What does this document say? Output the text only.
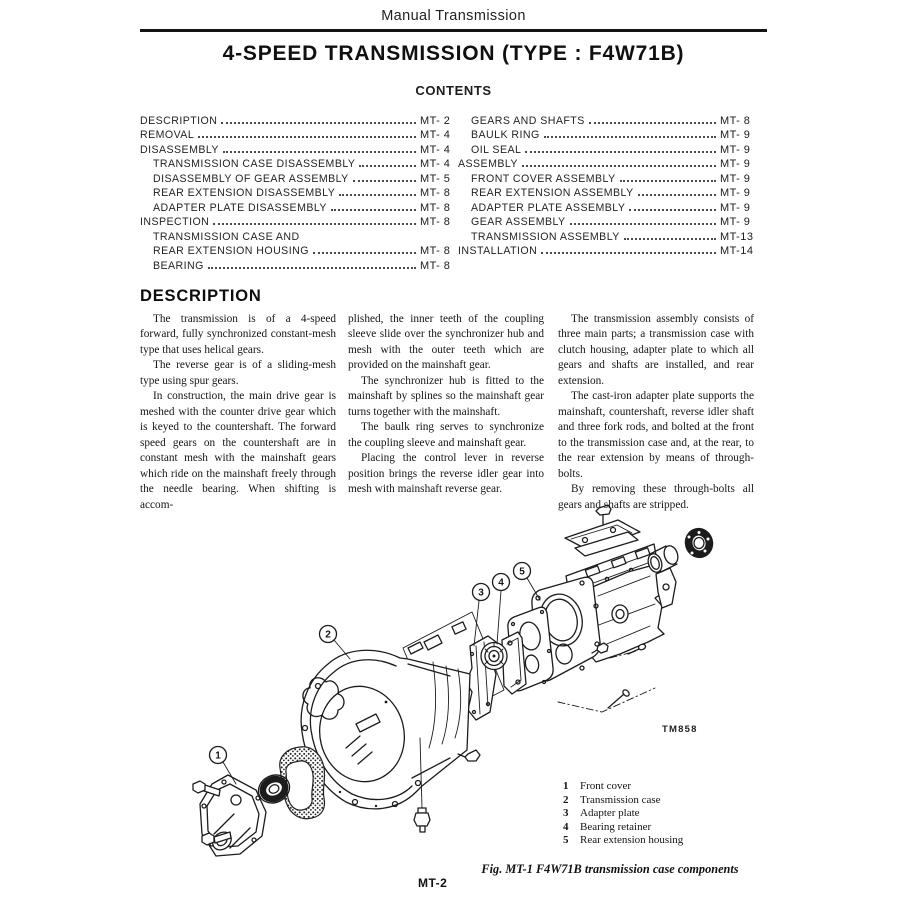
Manual Transmission
4-SPEED TRANSMISSION (TYPE : F4W71B)
CONTENTS
DESCRIPTION	MT- 2
REMOVAL	MT- 4
DISASSEMBLY	MT- 4
TRANSMISSION CASE DISASSEMBLY	MT- 4
DISASSEMBLY OF GEAR ASSEMBLY	MT- 5
REAR EXTENSION DISASSEMBLY	MT- 8
ADAPTER PLATE DISASSEMBLY	MT- 8
INSPECTION	MT- 8
TRANSMISSION CASE AND
REAR EXTENSION HOUSING	MT- 8
BEARING	MT- 8
GEARS AND SHAFTS	MT- 8
BAULK RING	MT- 9
OIL SEAL	MT- 9
ASSEMBLY	MT- 9
FRONT COVER ASSEMBLY	MT- 9
REAR EXTENSION ASSEMBLY	MT- 9
ADAPTER PLATE ASSEMBLY	MT- 9
GEAR ASSEMBLY	MT- 9
TRANSMISSION ASSEMBLY	MT-13
INSTALLATION	MT-14
DESCRIPTION

The transmission is of a 4-speed forward, fully synchronized constant-mesh type that uses helical gears.

The reverse gear is of a sliding-mesh type using spur gears.

In construction, the main drive gear is meshed with the counter drive gear which is keyed to the countershaft. The forward speed gears on the countershaft are in constant mesh with the mainshaft gears which ride on the mainshaft freely through the needle bearing. When shifting is accom-

plished, the inner teeth of the coupling sleeve slide over the synchronizer hub and mesh with the outer teeth which are provided on the mainshaft gear.

The synchronizer hub is fitted to the mainshaft by splines so the mainshaft gear turns together with the mainshaft.

The baulk ring serves to synchronize the coupling sleeve and mainshaft gear.

Placing the control lever in reverse position brings the reverse idler gear into mesh with mainshaft reverse gear.

The transmission assembly consists of three main parts; a transmission case with clutch housing, adapter plate to which all gears and shafts are installed, and rear extension.

The cast-iron adapter plate supports the mainshaft, countershaft, reverse idler shaft and three fork rods, and bolted at the front to the transmission case and, at the rear, to the rear extension by means of through-bolts.

By removing these through-bolts all gears and shafts are stripped.

1
2
3
4
5
TM858
1	Front cover
2	Transmission case
3	Adapter plate
4	Bearing retainer
5	Rear extension housing
Fig. MT-1 F4W71B transmission case components
MT-2
